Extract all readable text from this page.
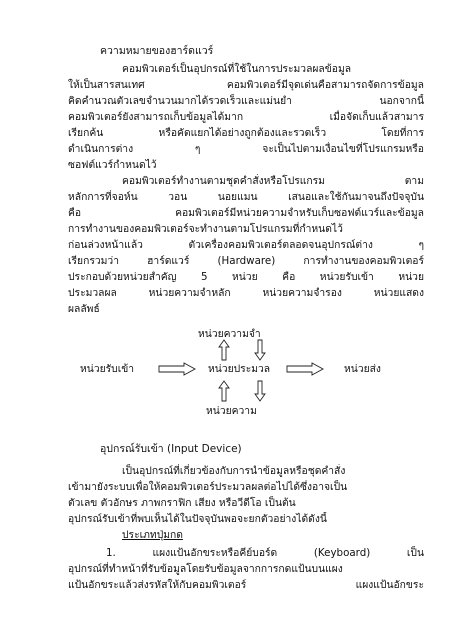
ความหมายของฮาร์ดแวร์
คอมพิวเตอร์เป็นอุปกรณ์ที่ใช้ในการประมวลผลข้อมูล
ให้เป็นสารสนเทศ คอมพิวเตอร์มีจุดเด่นคือสามารถจัดการข้อมูล
คิดคำนวณตัวเลขจำนวนมากได้รวดเร็วและแม่นยำ นอกจากนี้
คอมพิวเตอร์ยังสามารถเก็บข้อมูลได้มาก เมื่อจัดเก็บแล้วสามาร
เรียกค้น หรือคัดแยกได้อย่างถูกต้องและรวดเร็ว โดยที่การ
ดำเนินการต่าง ๆ จะเป็นไปตามเงื่อนไขที่โปรแกรมหรือ
ซอฟต์แวร์กำหนดไว้
คอมพิวเตอร์ทำงานตามชุดคำสั่งหรือโปรแกรม ตาม
หลักการที่จอห์น วอน นอยแมน เสนอและใช้กันมาจนถึงปัจจุบัน
คือ คอมพิวเตอร์มีหน่วยความจำหรับเก็บซอฟต์แวร์และข้อมูล
การทำงานของคอมพิวเตอร์จะทำงานตามโปรแกรมที่กำหนดไว้
ก่อนล่วงหน้าแล้ว ตัวเครื่องคอมพิวเตอร์ตลอดจนอุปกรณ์ต่าง ๆ
เรียกรวมว่า ฮาร์ดแวร์ (Hardware) การทำงานของคอมพิวเตอร์
ประกอบด้วยหน่วยสำคัญ 5 หน่วย คือ หน่วยรับเข้า หน่วย
ประมวลผล หน่วยความจำหลัก หน่วยความจำรอง หน่วยแสดง
ผลลัพธ์
หน่วยความจำ
หน่วยรับเข้า	หน่วยประมวล	หน่วยส่ง
หน่วยความ
อุปกรณ์รับเข้า (Input Device)
เป็นอุปกรณ์ที่เกี่ยวข้องกับการนำข้อมูลหรือชุดคำสั่ง
เข้ามายังระบบเพื่อให้คอมพิวเตอร์ประมวลผลต่อไปได้ซึ่งอาจเป็น
ตัวเลข ตัวอักษร ภาพกราฟิก เสียง หรือวีดีโอ เป็นต้น
อุปกรณ์รับเข้าที่พบเห็นได้ในปัจจุบันพอจะยกตัวอย่างได้ดังนี้
ประเภทปุ่มกด
1. แผงแป้นอักขระหรือคีย์บอร์ด (Keyboard) เป็น
อุปกรณ์ที่ทำหน้าที่รับข้อมูลโดยรับข้อมูลจากการกดแป้นบนแผง
แป้นอักขระแล้วส่งรหัสให้กับคอมพิวเตอร์ แผงแป้นอักขระ
